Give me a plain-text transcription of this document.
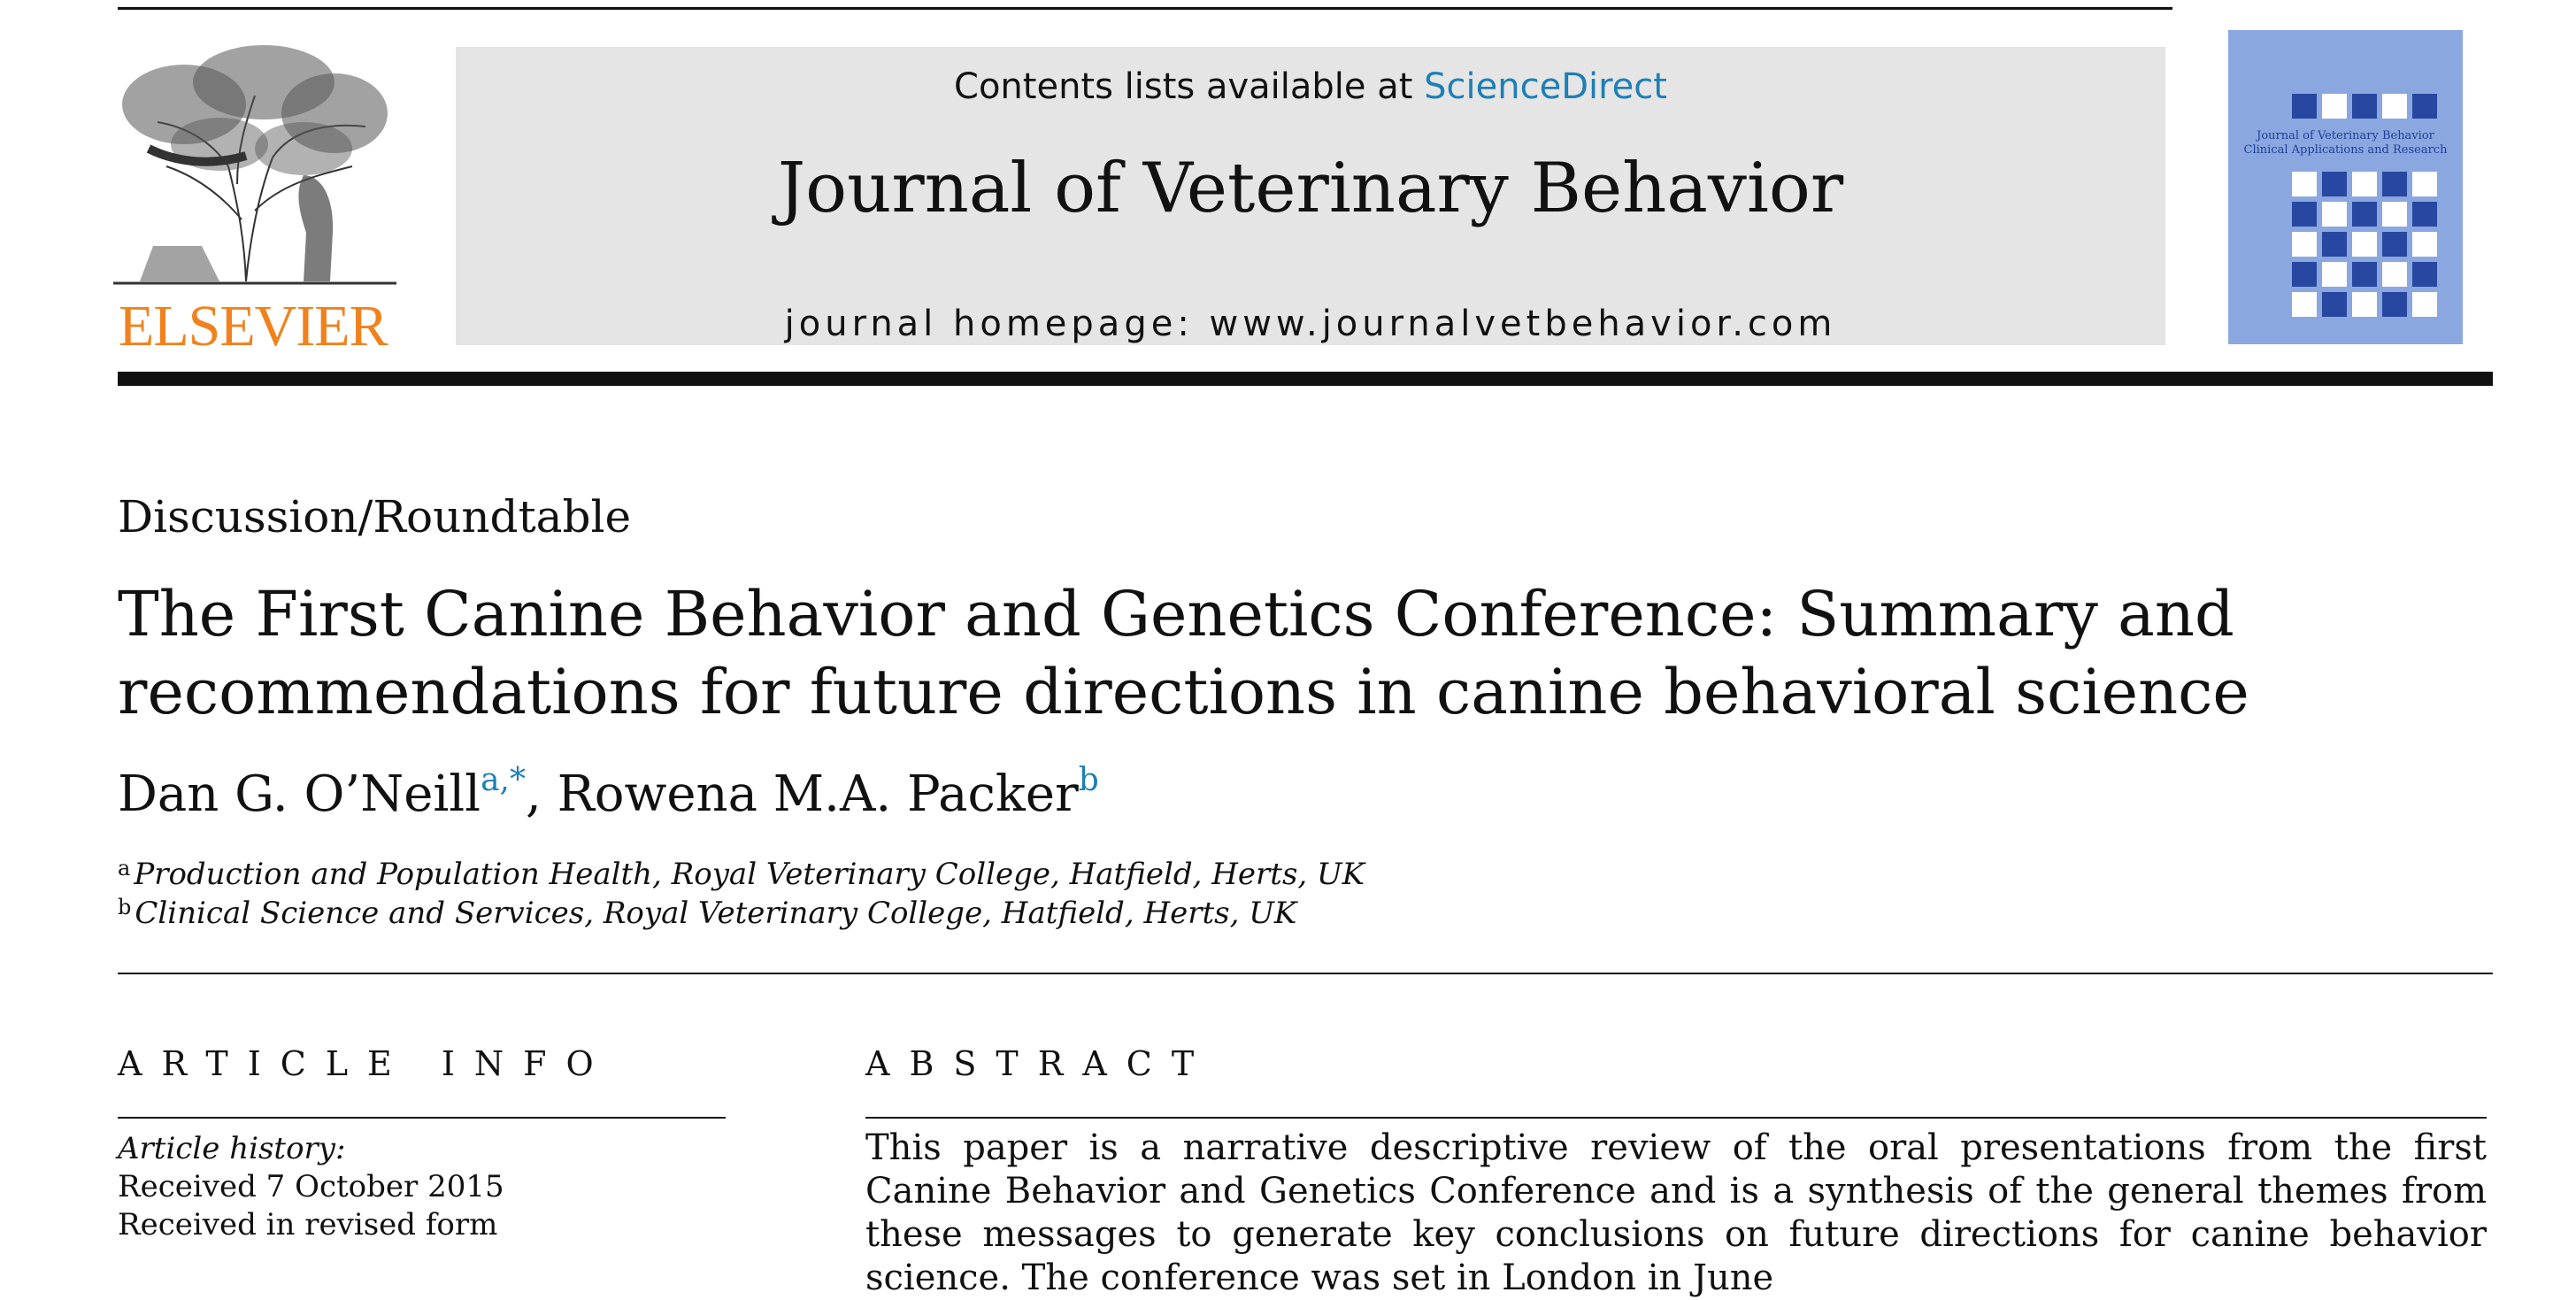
ELSEVIER
Contents lists available at ScienceDirect
Journal of Veterinary Behavior
journal homepage: www.journalvetbehavior.com
Journal of Veterinary Behavior
Clinical Applications and Research
Discussion/Roundtable
The First Canine Behavior and Genetics Conference: Summary and recommendations for future directions in canine behavioral science
Dan G. O’Neill$^{a,*}$, Rowena M.A. Packer$^b$
$^a$ Production and Population Health, Royal Veterinary College, Hatfield, Herts, UK
$^b$ Clinical Science and Services, Royal Veterinary College, Hatfield, Herts, UK
ARTICLE INFO	ABSTRACT
Article history:
Received 7 October 2015
Received in revised form
This paper is a narrative descriptive review of the oral presentations from the first Canine Behavior and Genetics Conference and is a synthesis of the general themes from these messages to generate key conclusions on future directions for canine behavior science. The conference was set in London in June
